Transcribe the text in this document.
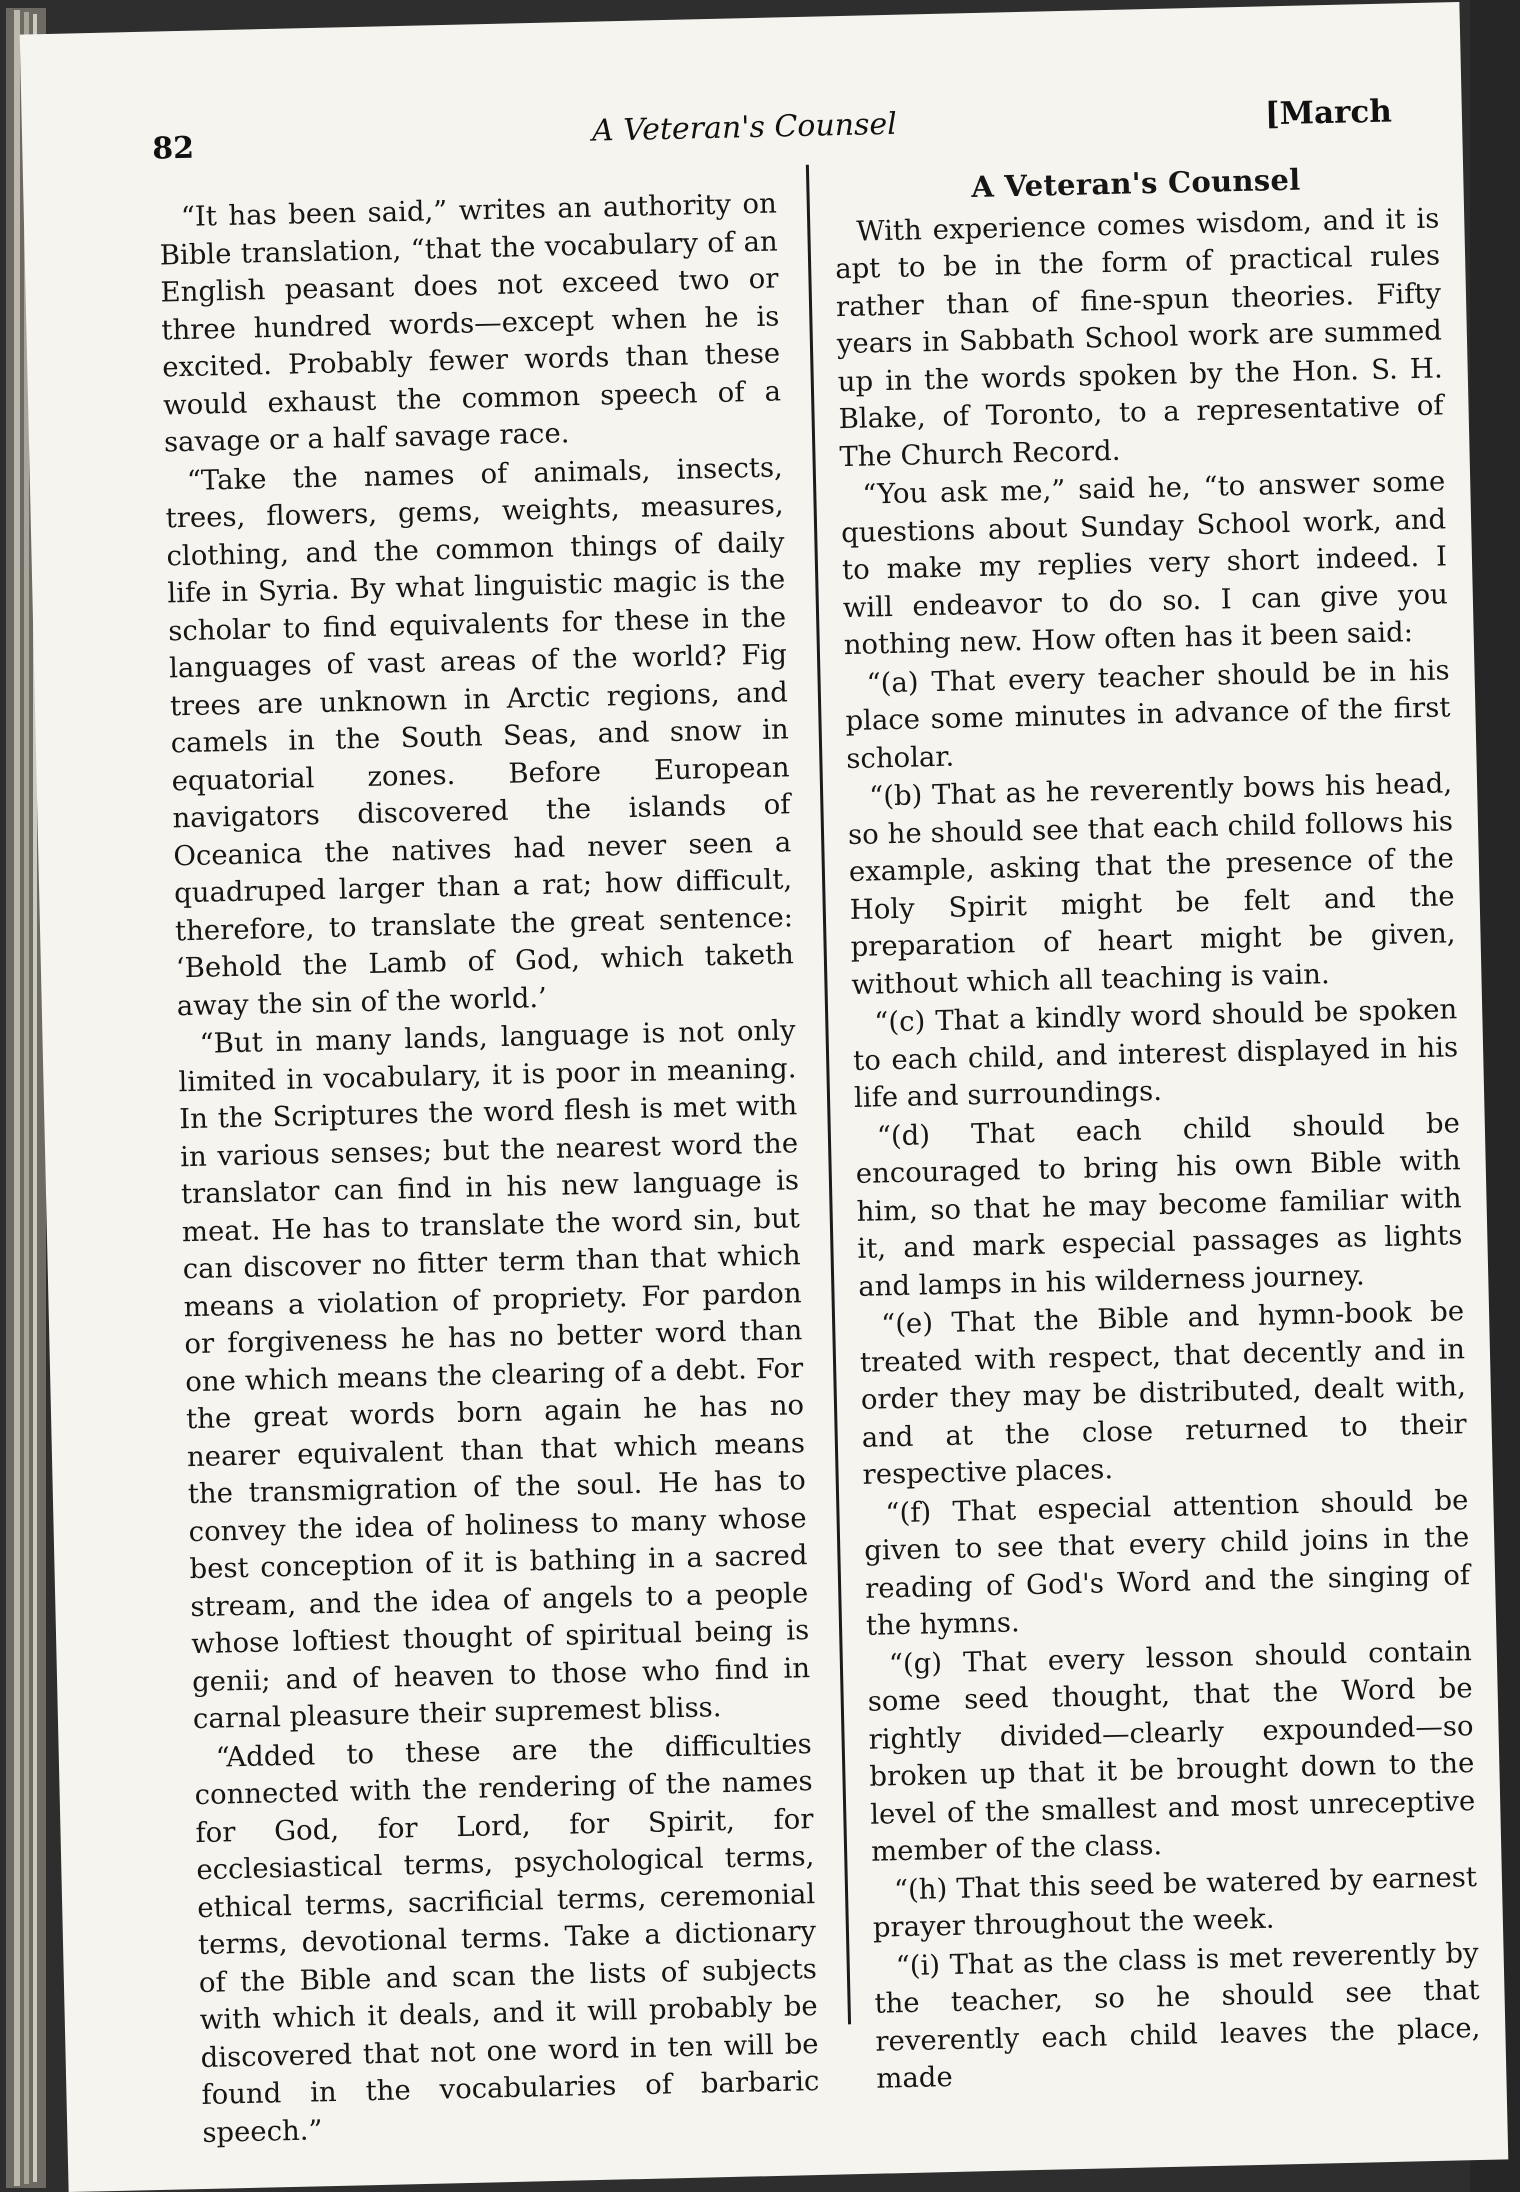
82
A Veteran's Counsel	[March

“It has been said,” writes an authority on Bible translation, “that the vocabulary of an English peasant does not exceed two or three hundred words—except when he is excited. Probably fewer words than these would exhaust the common speech of a savage or a half savage race.

“Take the names of animals, insects, trees, flowers, gems, weights, measures, clothing, and the common things of daily life in Syria. By what linguistic magic is the scholar to find equivalents for these in the languages of vast areas of the world? Fig trees are unknown in Arctic regions, and camels in the South Seas, and snow in equatorial zones. Before European navigators discovered the islands of Oceanica the natives had never seen a quadruped larger than a rat; how difficult, therefore, to translate the great sentence: ‘Behold the Lamb of God, which taketh away the sin of the world.’

“But in many lands, language is not only limited in vocabulary, it is poor in meaning. In the Scriptures the word flesh is met with in various senses; but the nearest word the translator can find in his new language is meat. He has to translate the word sin, but can discover no fitter term than that which means a violation of propriety. For pardon or forgiveness he has no better word than one which means the clearing of a debt. For the great words born again he has no nearer equivalent than that which means the transmigration of the soul. He has to convey the idea of holiness to many whose best conception of it is bathing in a sacred stream, and the idea of angels to a people whose loftiest thought of spiritual being is genii; and of heaven to those who find in carnal pleasure their supremest bliss.

“Added to these are the difficulties connected with the rendering of the names for God, for Lord, for Spirit, for ecclesiastical terms, psychological terms, ethical terms, sacrificial terms, ceremonial terms, devotional terms. Take a dictionary of the Bible and scan the lists of subjects with which it deals, and it will probably be discovered that not one word in ten will be found in the vocabularies of barbaric speech.”

A Veteran's Counsel

With experience comes wisdom, and it is apt to be in the form of practical rules rather than of fine-spun theories. Fifty years in Sabbath School work are summed up in the words spoken by the Hon. S. H. Blake, of Toronto, to a representative of The Church Record.

“You ask me,” said he, “to answer some questions about Sunday School work, and to make my replies very short indeed. I will endeavor to do so. I can give you nothing new. How often has it been said:

“(a) That every teacher should be in his place some minutes in advance of the first scholar.

“(b) That as he reverently bows his head, so he should see that each child follows his example, asking that the presence of the Holy Spirit might be felt and the preparation of heart might be given, without which all teaching is vain.

“(c) That a kindly word should be spoken to each child, and interest displayed in his life and surroundings.

“(d) That each child should be encouraged to bring his own Bible with him, so that he may become familiar with it, and mark especial passages as lights and lamps in his wilderness journey.

“(e) That the Bible and hymn-book be treated with respect, that decently and in order they may be distributed, dealt with, and at the close returned to their respective places.

“(f) That especial attention should be given to see that every child joins in the reading of God's Word and the singing of the hymns.

“(g) That every lesson should contain some seed thought, that the Word be rightly divided—clearly expounded—so broken up that it be brought down to the level of the smallest and most unreceptive member of the class.

“(h) That this seed be watered by earnest prayer throughout the week.

“(i) That as the class is met reverently by the teacher, so he should see that reverently each child leaves the place, made
